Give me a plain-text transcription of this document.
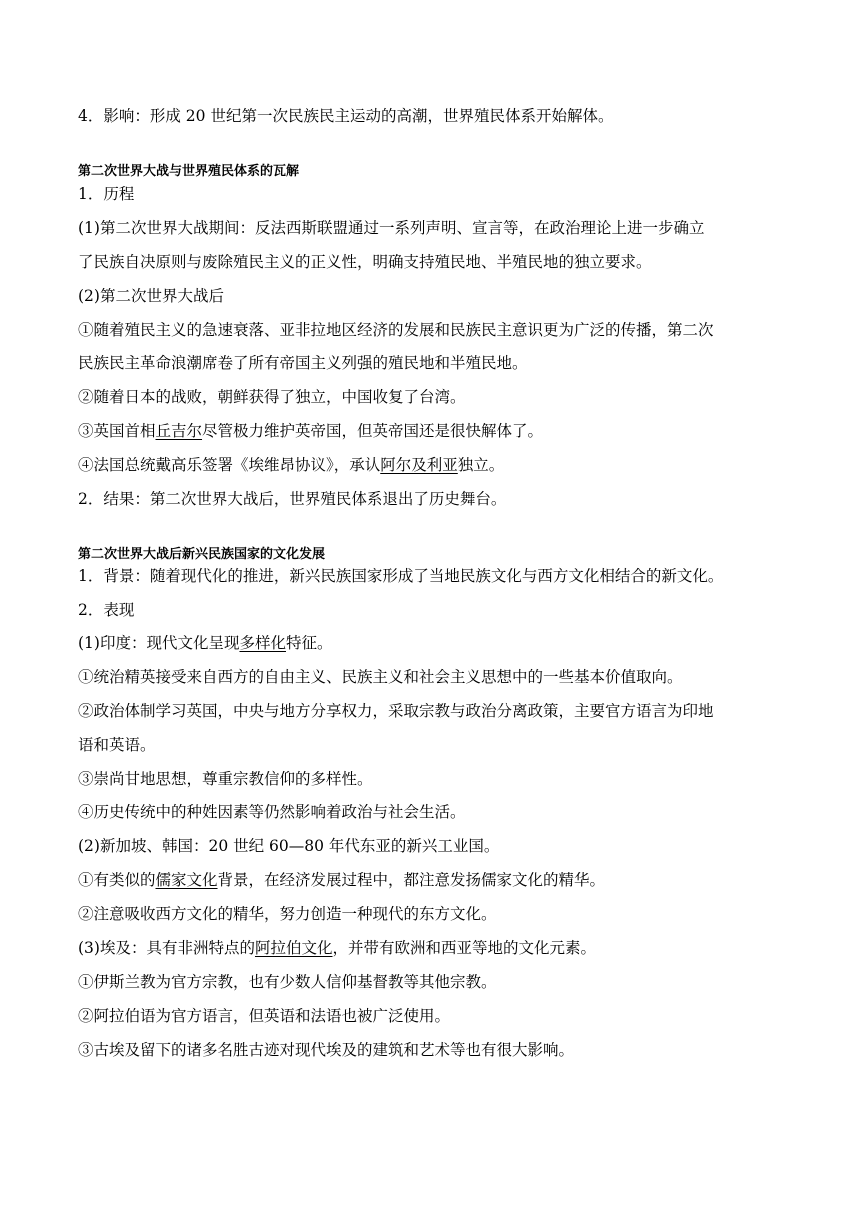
4．影响：形成 20 世纪第一次民族民主运动的高潮，世界殖民体系开始解体。
第二次世界大战与世界殖民体系的瓦解
1．历程
(1)第二次世界大战期间：反法西斯联盟通过一系列声明、宣言等，在政治理论上进一步确立
了民族自决原则与废除殖民主义的正义性，明确支持殖民地、半殖民地的独立要求。
(2)第二次世界大战后
①随着殖民主义的急速衰落、亚非拉地区经济的发展和民族民主意识更为广泛的传播，第二次
民族民主革命浪潮席卷了所有帝国主义列强的殖民地和半殖民地。
②随着日本的战败，朝鲜获得了独立，中国收复了台湾。
③英国首相丘吉尔尽管极力维护英帝国，但英帝国还是很快解体了。
④法国总统戴高乐签署《埃维昂协议》，承认阿尔及利亚独立。
2．结果：第二次世界大战后，世界殖民体系退出了历史舞台。
第二次世界大战后新兴民族国家的文化发展
1．背景：随着现代化的推进，新兴民族国家形成了当地民族文化与西方文化相结合的新文化。
2．表现
(1)印度：现代文化呈现多样化特征。
①统治精英接受来自西方的自由主义、民族主义和社会主义思想中的一些基本价值取向。
②政治体制学习英国，中央与地方分享权力，采取宗教与政治分离政策，主要官方语言为印地
语和英语。
③崇尚甘地思想，尊重宗教信仰的多样性。
④历史传统中的种姓因素等仍然影响着政治与社会生活。
(2)新加坡、韩国：20 世纪 60—80 年代东亚的新兴工业国。
①有类似的儒家文化背景，在经济发展过程中，都注意发扬儒家文化的精华。
②注意吸收西方文化的精华，努力创造一种现代的东方文化。
(3)埃及：具有非洲特点的阿拉伯文化，并带有欧洲和西亚等地的文化元素。
①伊斯兰教为官方宗教，也有少数人信仰基督教等其他宗教。
②阿拉伯语为官方语言，但英语和法语也被广泛使用。
③古埃及留下的诸多名胜古迹对现代埃及的建筑和艺术等也有很大影响。
